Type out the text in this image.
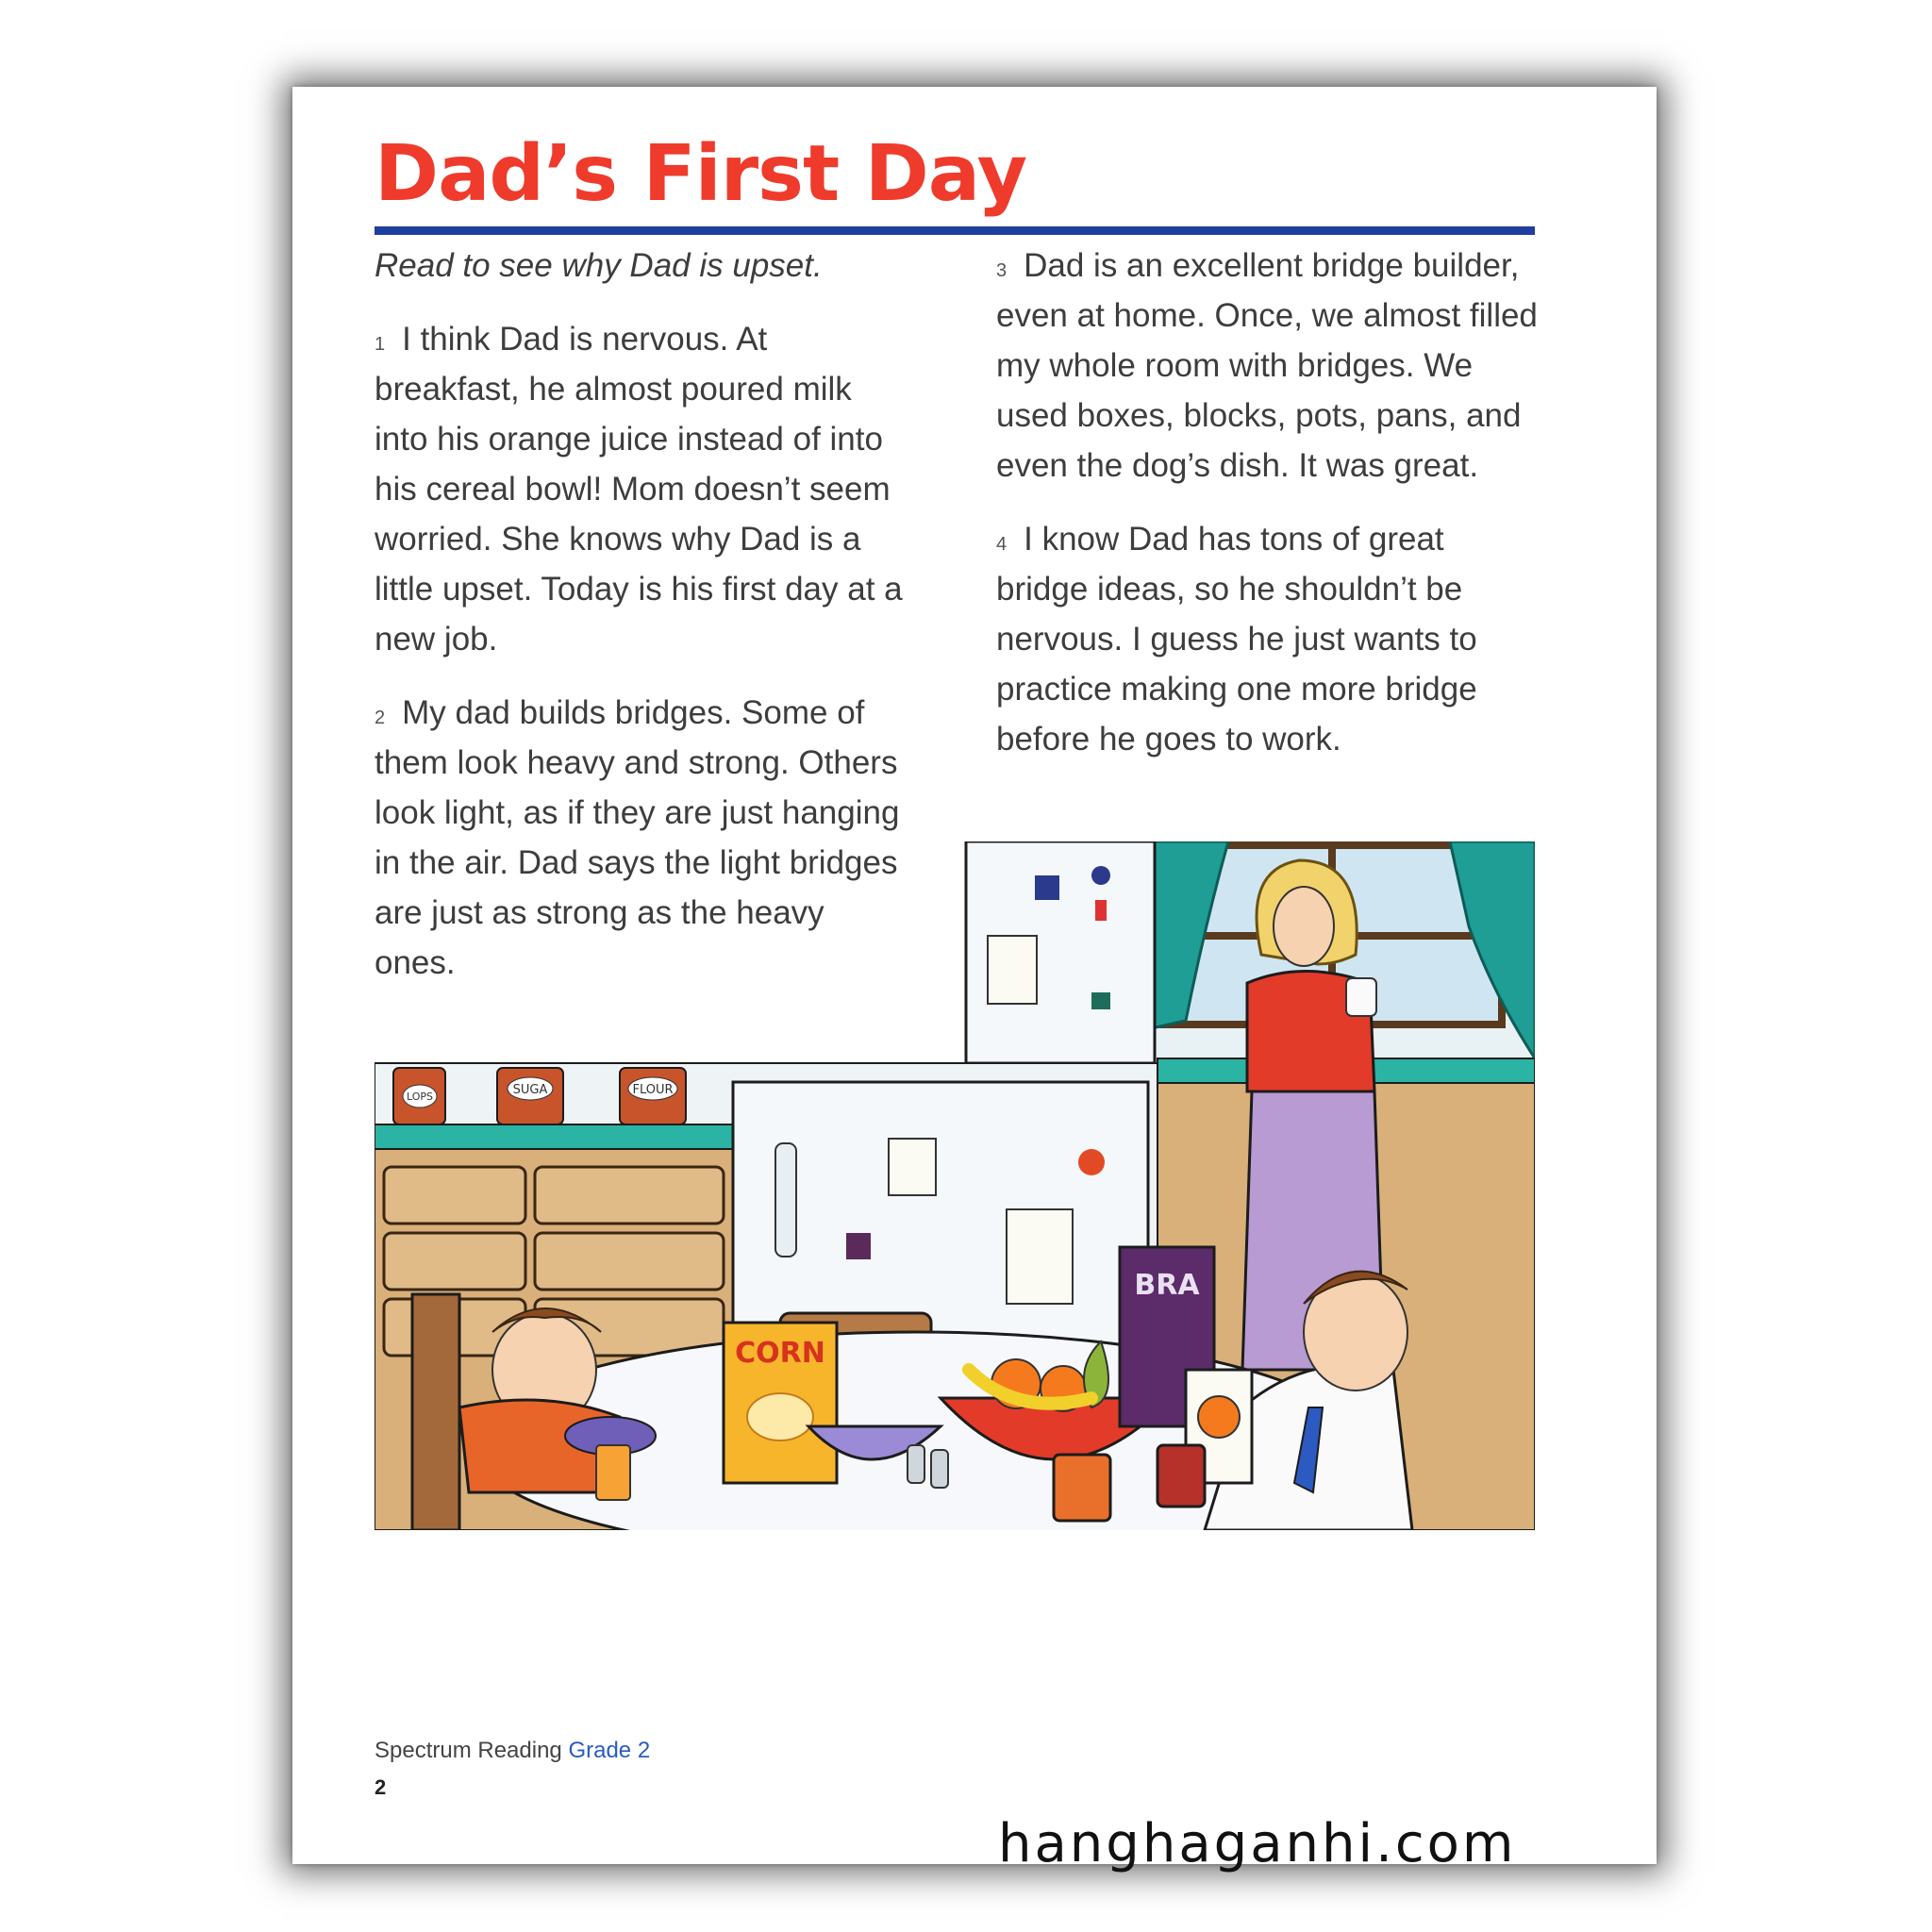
Dad’s First Day

Read to see why Dad is upset.

$^1$ I think Dad is nervous. At breakfast, he almost poured milk into his orange juice instead of into his cereal bowl! Mom doesn’t seem worried. She knows why Dad is a little upset. Today is his first day at a new job.

$^2$ My dad builds bridges. Some of them look heavy and strong. Others look light, as if they are just hanging in the air. Dad says the light bridges are just as strong as the heavy ones.

$^3$ Dad is an excellent bridge builder, even at home. Once, we almost filled my whole room with bridges. We used boxes, blocks, pots, pans, and even the dog’s dish. It was great.

$^4$ I know Dad has tons of great bridge ideas, so he shouldn’t be nervous. I guess he just wants to practice making one more bridge before he goes to work.

LOPS	SUGA	FLOUR
CORN
BRA
Spectrum Reading Grade 2
2
hanghaganhi.com
